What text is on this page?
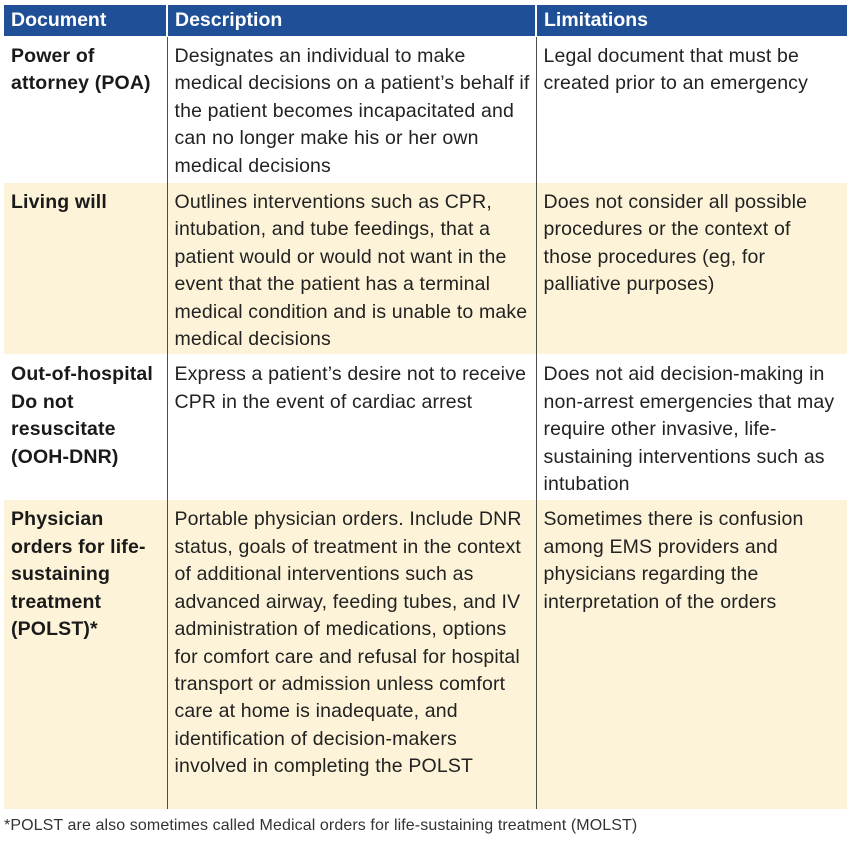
Document	Description	Limitations
Power of attorney (POA)	Designates an individual to make medical decisions on a patient’s behalf if the patient becomes incapacitated and can no longer make his or her own medical decisions	Legal document that must be created prior to an emergency
Living will	Outlines interventions such as CPR, intubation, and tube feedings, that a patient would or would not want in the event that the patient has a terminal medical condition and is unable to make medical decisions	Does not consider all possible procedures or the context of those procedures (eg, for palliative purposes)
Out-of-hospital Do not resuscitate (OOH-DNR)	Express a patient’s desire not to receive CPR in the event of cardiac arrest	Does not aid decision-making in non-arrest emergencies that may require other invasive, life-sustaining interventions such as intubation
Physician orders for life-sustaining treatment (POLST)*	Portable physician orders. Include DNR status, goals of treatment in the context of additional interventions such as advanced airway, feeding tubes, and IV administration of medications, options for comfort care and refusal for hospital transport or admission unless comfort care at home is inadequate, and identification of decision-makers involved in completing the POLST	Sometimes there is confusion among EMS providers and physicians regarding the interpretation of the orders
*POLST are also sometimes called Medical orders for life-sustaining treatment (MOLST)
